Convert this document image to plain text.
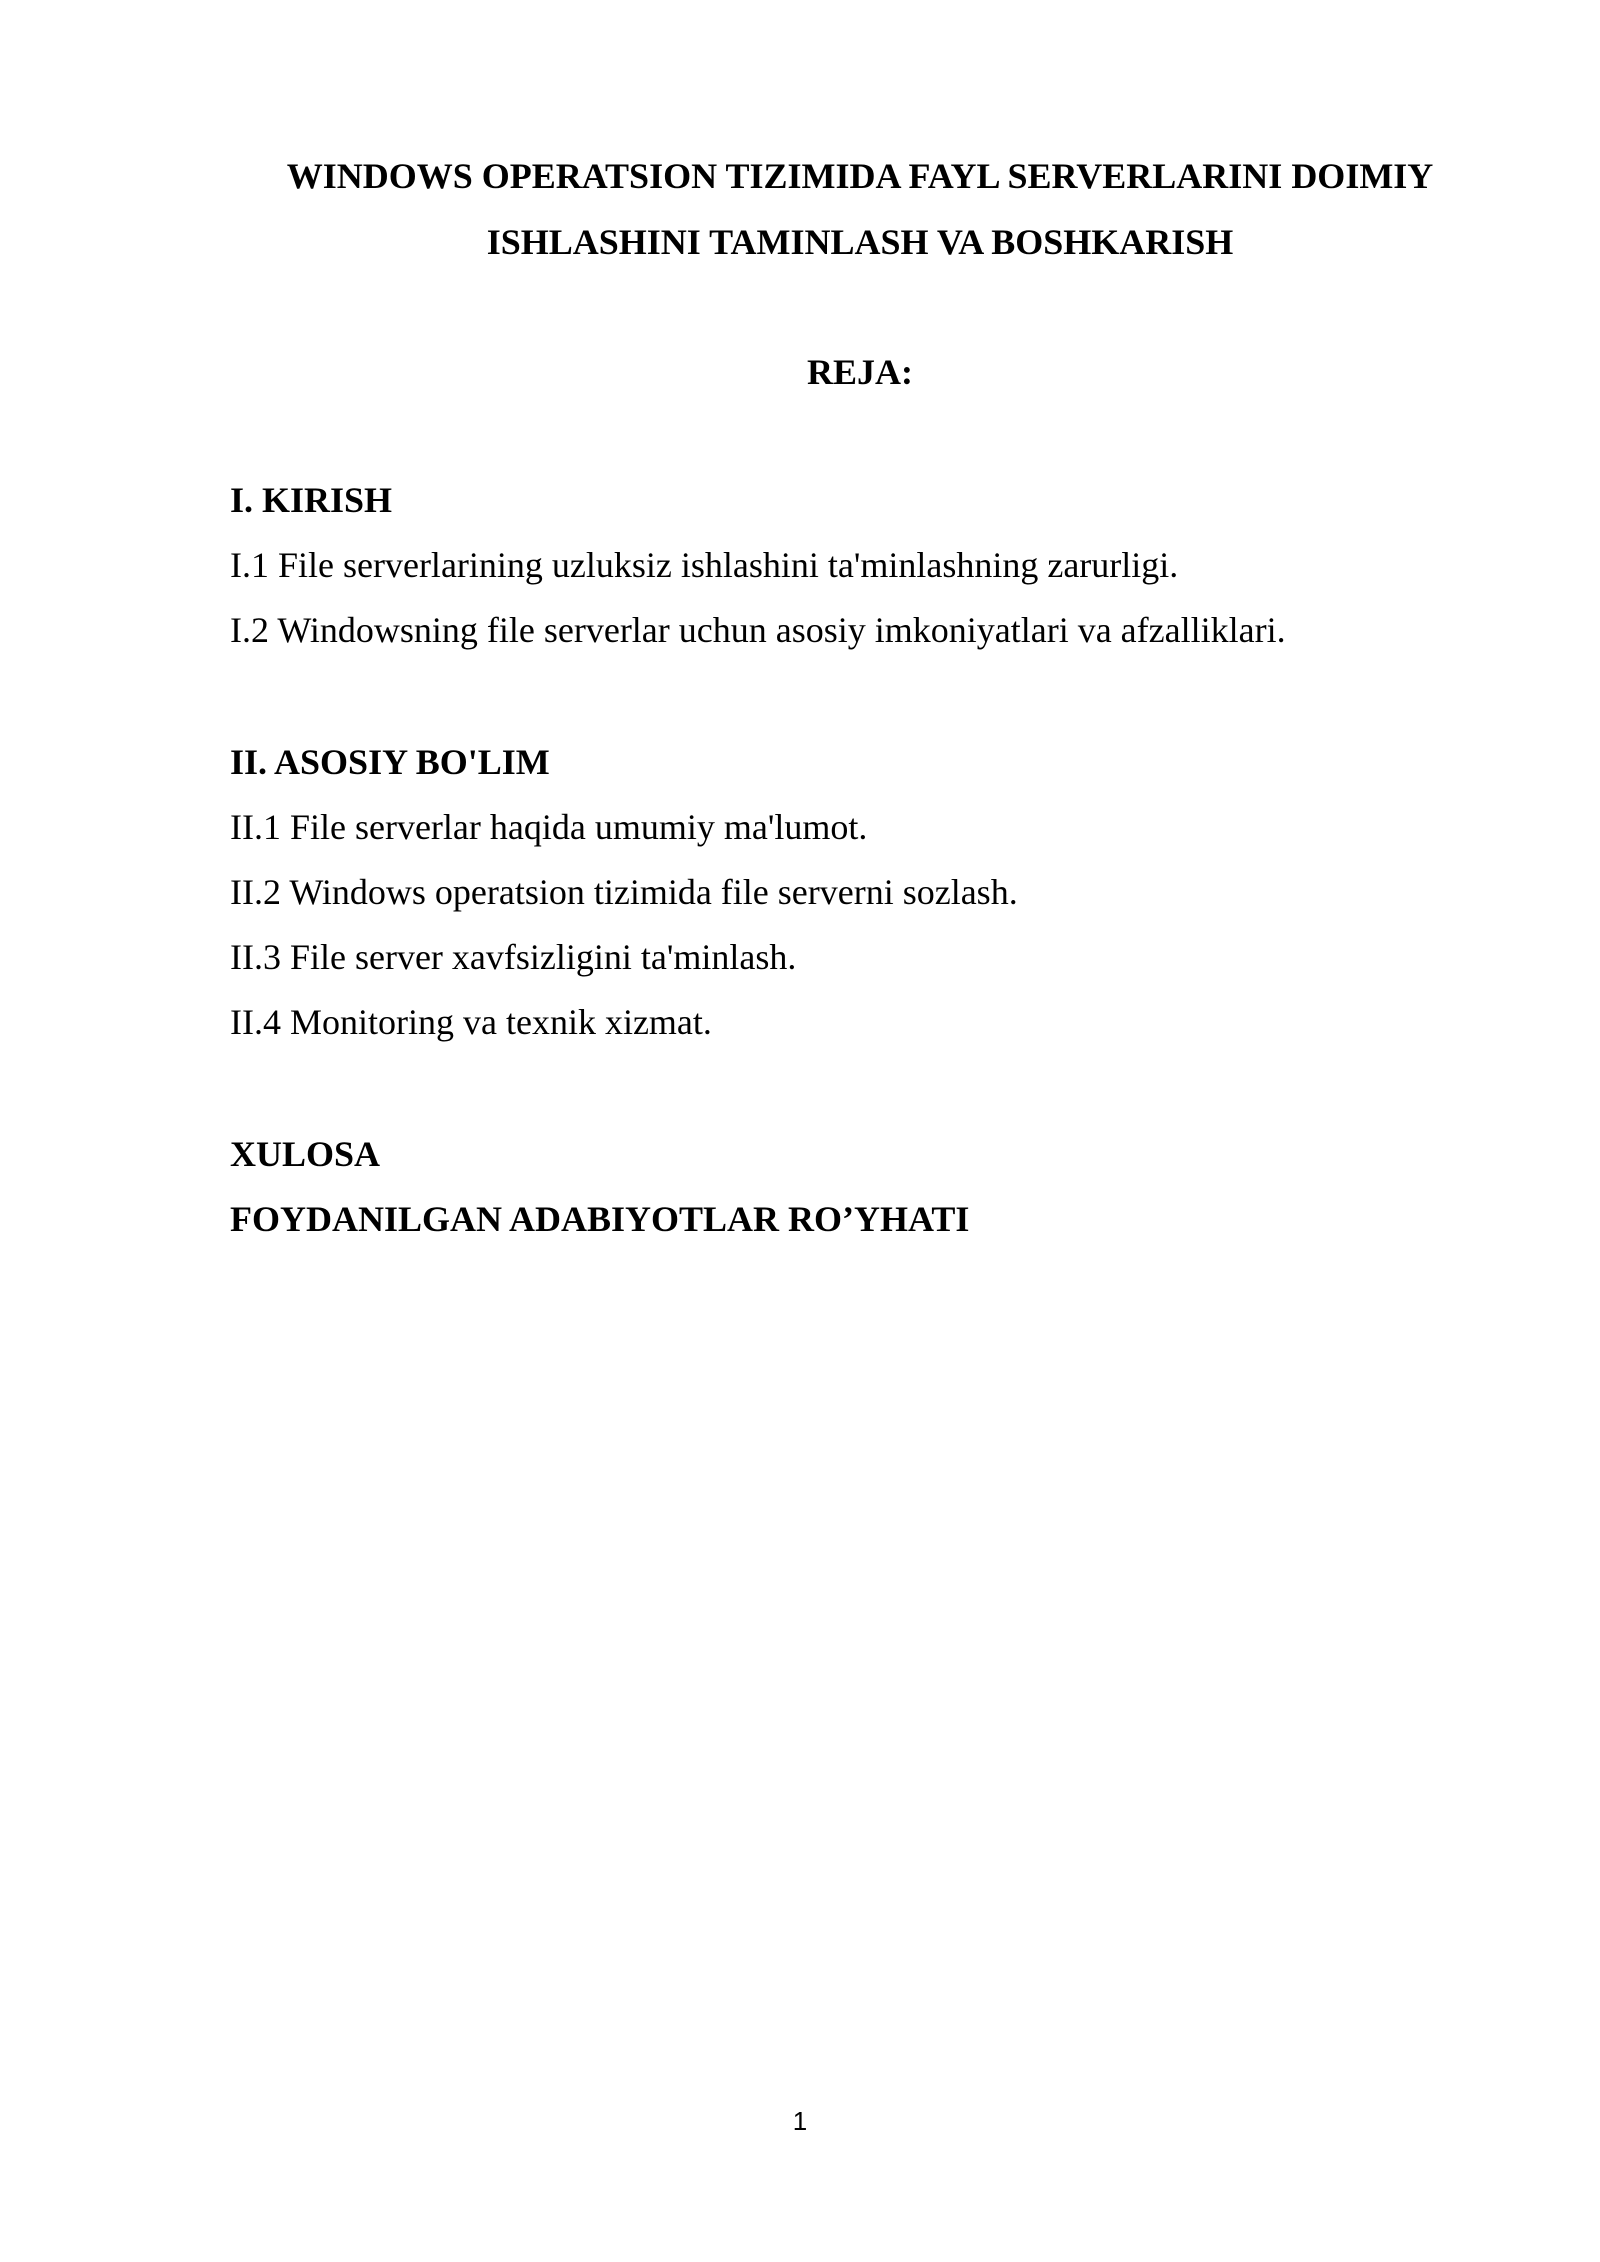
WINDOWS OPERATSION TIZIMIDA FAYL SERVERLARINI DOIMIY
ISHLASHINI TAMINLASH VA BOSHKARISH
REJA:
I. KIRISH
I.1 File serverlarining uzluksiz ishlashini ta'minlashning zarurligi.
I.2 Windowsning file serverlar uchun asosiy imkoniyatlari va afzalliklari.
II. ASOSIY BO'LIM
II.1 File serverlar haqida umumiy ma'lumot.
II.2 Windows operatsion tizimida file serverni sozlash.
II.3 File server xavfsizligini ta'minlash.
II.4 Monitoring va texnik xizmat.
XULOSA
FOYDANILGAN ADABIYOTLAR RO’YHATI
1
